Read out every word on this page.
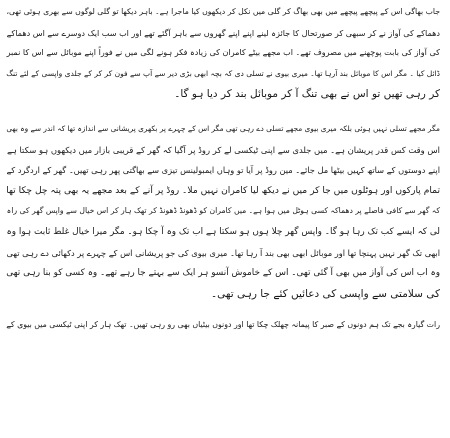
جاب بھاگی اس کے پیچھے پیچھے میں بھی بھاگ کر گلی میں نکل کر دیکھوں کیا ماجرا ہے۔ باہر دیکھا تو گلی لوگوں سے بھری ہوئی تھی،
دھماکے کی آواز نے کر سبھی کر صورتحال کا جائزہ لینے اپنے اپنے گھروں سے باہر آگئے تھے اور اب سب ایک دوسرے سے اس دھماکے
کی آواز کی بابت پوچھنے میں مصروف تھے۔ اب مجھے بیٹے کامران کی زیادہ فکر ہونے لگی میں نے فوراً اپنے موبائل سے اس کا نمبر
ڈائل کیا ۔ مگر اس کا موبائل بند آرہا تھا۔ میری بیوی نے تسلی دی کہ بچہ ابھی بڑی دیر سے آپ سے فون کر کر کے جلدی واپسی کے لئے تنگ
کر رہی تھیں تو اس نے بھی تنگ آ کر موبائل بند کر دیا ہو گا۔
مگر مجھے تسلی نہیں ہوئی بلکہ میری بیوی مجھے تسلی دے رہی تھی مگر اس کے چہرے پر بکھری پریشانی سے اندازہ تھا کہ اندر سے وہ بھی
اس وقت کس قدر پریشان ہے۔ میں جلدی سے اپنی ٹیکسی لے کر روڈ پر آگیا کہ گھر کے قریبی بازار میں دیکھوں ہو سکتا ہے
اپنے دوستوں کے ساتھ کہیں بیٹھا مل جائے۔ مین روڈ پر آیا تو وہاں ایمبولینس تیزی سے بھاگتی پھر رہی تھیں۔ گھر کے اردگرد کے
تمام پارکوں اور ہوٹلوں میں جا کر میں نے دیکھ لیا کامران نہیں ملا۔ روڈ پر آنے کے بعد مجھے یہ بھی پتہ چل چکا تھا
کہ گھر سے کافی فاصلے پر دھماکہ کسی ہوٹل میں ہوا ہے۔ میں کامران کو ڈھونڈ ڈھونڈ کر تھک ہار کر اس خیال سے واپس گھر کی راہ
لی کہ ایسے کب تک رہا ہو گا۔ واپس گھر چلا ہوں ہو سکتا ہے اب تک وہ آ چکا ہو۔ مگر میرا خیال غلط ثابت ہوا وہ
ابھی تک گھر نہیں پہنچا تھا اور موبائل ابھی بھی بند آ رہا تھا۔ میری بیوی کی جو پریشانی اس کے چہرے پر دکھائی دے رہی تھی
وہ اب اس کی آواز میں بھی آ گئی تھی۔ اس کے خاموش آنسو ہر ایک سے بہتے جا رہے تھے۔ وہ کسی کو بنا رہی تھی
کی سلامتی سے واپسی کی دعائیں کئے جا رہی تھی۔
رات گیارہ بجے تک ہم دونوں کے صبر کا پیمانہ چھلک چکا تھا اور دونوں بیٹیاں بھی رو رہی تھیں۔ تھک ہار کر اپنی ٹیکسی میں بیوی کے
